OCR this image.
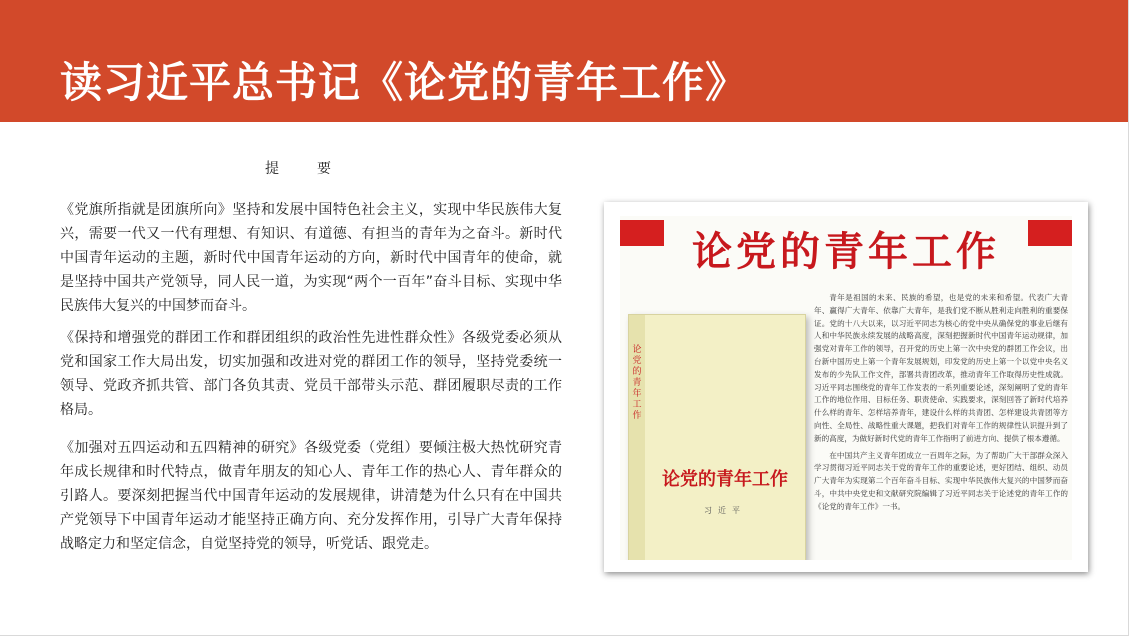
读习近平总书记《论党的青年工作》
提要
《党旗所指就是团旗所向》坚持和发展中国特色社会主义，实现中华民族伟大复兴，需要一代又一代有理想、有知识、有道德、有担当的青年为之奋斗。新时代中国青年运动的主题，新时代中国青年运动的方向，新时代中国青年的使命，就是坚持中国共产党领导，同人民一道，为实现“两个一百年”奋斗目标、实现中华民族伟大复兴的中国梦而奋斗。
《保持和增强党的群团工作和群团组织的政治性先进性群众性》各级党委必须从党和国家工作大局出发，切实加强和改进对党的群团工作的领导，坚持党委统一领导、党政齐抓共管、部门各负其责、党员干部带头示范、群团履职尽责的工作格局。
《加强对五四运动和五四精神的研究》各级党委（党组）要倾注极大热忱研究青年成长规律和时代特点，做青年朋友的知心人、青年工作的热心人、青年群众的引路人。要深刻把握当代中国青年运动的发展规律，讲清楚为什么只有在中国共产党领导下中国青年运动才能坚持正确方向、充分发挥作用，引导广大青年保持战略定力和坚定信念，自觉坚持党的领导，听党话、跟党走。
论党的青年工作
论党的青年工作
论党的青年工作
习近平

青年是祖国的未来、民族的希望，也是党的未来和希望。代表广大青年、赢得广大青年、依靠广大青年，是我们党不断从胜利走向胜利的重要保证。党的十八大以来，以习近平同志为核心的党中央从确保党的事业后继有人和中华民族永续发展的战略高度，深刻把握新时代中国青年运动规律，加强党对青年工作的领导，召开党的历史上第一次中央党的群团工作会议，出台新中国历史上第一个青年发展规划，印发党的历史上第一个以党中央名义发布的少先队工作文件，部署共青团改革，推动青年工作取得历史性成就。习近平同志围绕党的青年工作发表的一系列重要论述，深刻阐明了党的青年工作的地位作用、目标任务、职责使命、实践要求，深刻回答了新时代培养什么样的青年、怎样培养青年，建设什么样的共青团、怎样建设共青团等方向性、全局性、战略性重大课题，把我们对青年工作的规律性认识提升到了新的高度，为做好新时代党的青年工作指明了前进方向、提供了根本遵循。

在中国共产主义青年团成立一百周年之际，为了帮助广大干部群众深入学习贯彻习近平同志关于党的青年工作的重要论述，更好团结、组织、动员广大青年为实现第二个百年奋斗目标、实现中华民族伟大复兴的中国梦而奋斗，中共中央党史和文献研究院编辑了习近平同志关于论述党的青年工作的《论党的青年工作》一书。
